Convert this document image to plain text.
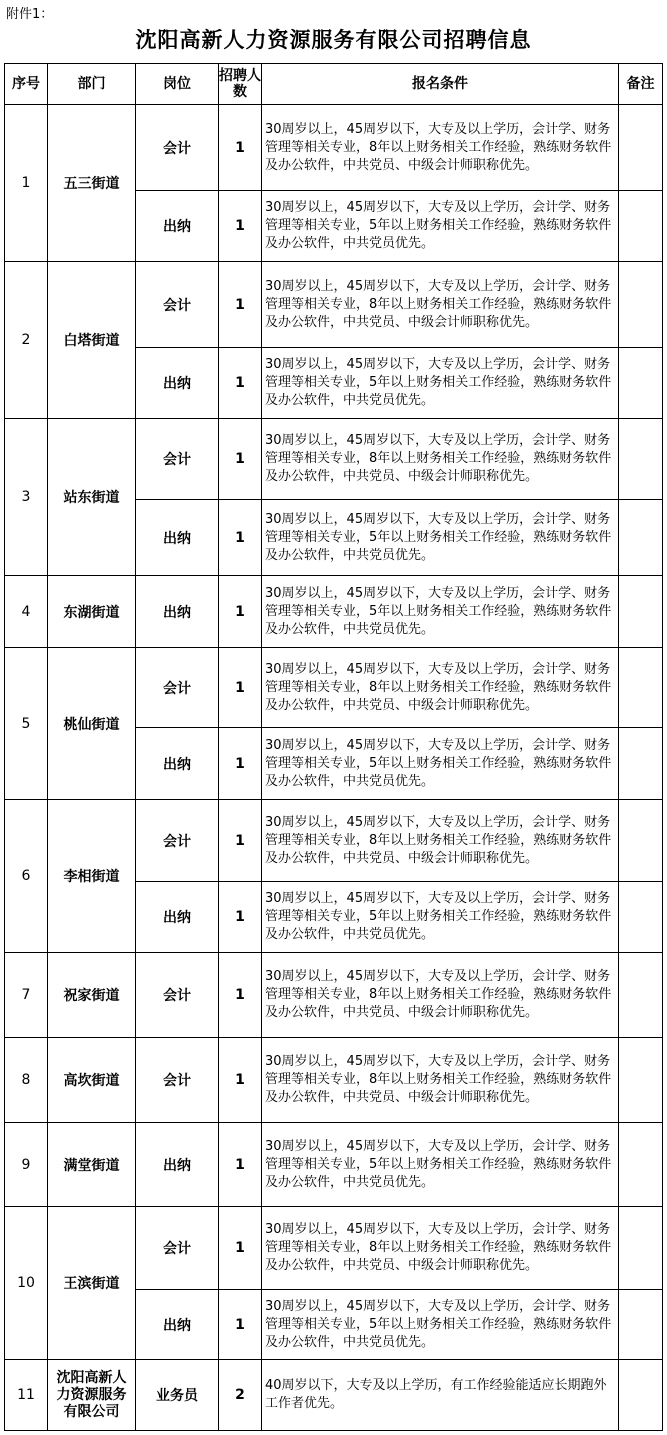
附件1：
沈阳高新人力资源服务有限公司招聘信息
序号	部门	岗位	招聘人数	报名条件	备注
1	五三街道	会计	1	30周岁以上，45周岁以下，大专及以上学历，会计学、财务管理等相关专业，8年以上财务相关工作经验，熟练财务软件及办公软件，中共党员、中级会计师职称优先。	
		出纳	1	30周岁以上，45周岁以下，大专及以上学历，会计学、财务管理等相关专业，5年以上财务相关工作经验，熟练财务软件及办公软件，中共党员优先。	
2	白塔街道	会计	1	30周岁以上，45周岁以下，大专及以上学历，会计学、财务管理等相关专业，8年以上财务相关工作经验，熟练财务软件及办公软件，中共党员、中级会计师职称优先。	
		出纳	1	30周岁以上，45周岁以下，大专及以上学历，会计学、财务管理等相关专业，5年以上财务相关工作经验，熟练财务软件及办公软件，中共党员优先。	
3	站东街道	会计	1	30周岁以上，45周岁以下，大专及以上学历，会计学、财务管理等相关专业，8年以上财务相关工作经验，熟练财务软件及办公软件，中共党员、中级会计师职称优先。	
		出纳	1	30周岁以上，45周岁以下，大专及以上学历，会计学、财务管理等相关专业，5年以上财务相关工作经验，熟练财务软件及办公软件，中共党员优先。	
4	东湖街道	出纳	1	30周岁以上，45周岁以下，大专及以上学历，会计学、财务管理等相关专业，5年以上财务相关工作经验，熟练财务软件及办公软件，中共党员优先。	
5	桃仙街道	会计	1	30周岁以上，45周岁以下，大专及以上学历，会计学、财务管理等相关专业，8年以上财务相关工作经验，熟练财务软件及办公软件，中共党员、中级会计师职称优先。	
		出纳	1	30周岁以上，45周岁以下，大专及以上学历，会计学、财务管理等相关专业，5年以上财务相关工作经验，熟练财务软件及办公软件，中共党员优先。	
6	李相街道	会计	1	30周岁以上，45周岁以下，大专及以上学历，会计学、财务管理等相关专业，8年以上财务相关工作经验，熟练财务软件及办公软件，中共党员、中级会计师职称优先。	
		出纳	1	30周岁以上，45周岁以下，大专及以上学历，会计学、财务管理等相关专业，5年以上财务相关工作经验，熟练财务软件及办公软件，中共党员优先。	
7	祝家街道	会计	1	30周岁以上，45周岁以下，大专及以上学历，会计学、财务管理等相关专业，8年以上财务相关工作经验，熟练财务软件及办公软件，中共党员、中级会计师职称优先。	
8	高坎街道	会计	1	30周岁以上，45周岁以下，大专及以上学历，会计学、财务管理等相关专业，8年以上财务相关工作经验，熟练财务软件及办公软件，中共党员、中级会计师职称优先。	
9	满堂街道	出纳	1	30周岁以上，45周岁以下，大专及以上学历，会计学、财务管理等相关专业，5年以上财务相关工作经验，熟练财务软件及办公软件，中共党员优先。	
10	王滨街道	会计	1	30周岁以上，45周岁以下，大专及以上学历，会计学、财务管理等相关专业，8年以上财务相关工作经验，熟练财务软件及办公软件，中共党员、中级会计师职称优先。	
		出纳	1	30周岁以上，45周岁以下，大专及以上学历，会计学、财务管理等相关专业，5年以上财务相关工作经验，熟练财务软件及办公软件，中共党员优先。	
11	沈阳高新人力资源服务有限公司	业务员	2	40周岁以下，大专及以上学历，有工作经验能适应长期跑外工作者优先。	
